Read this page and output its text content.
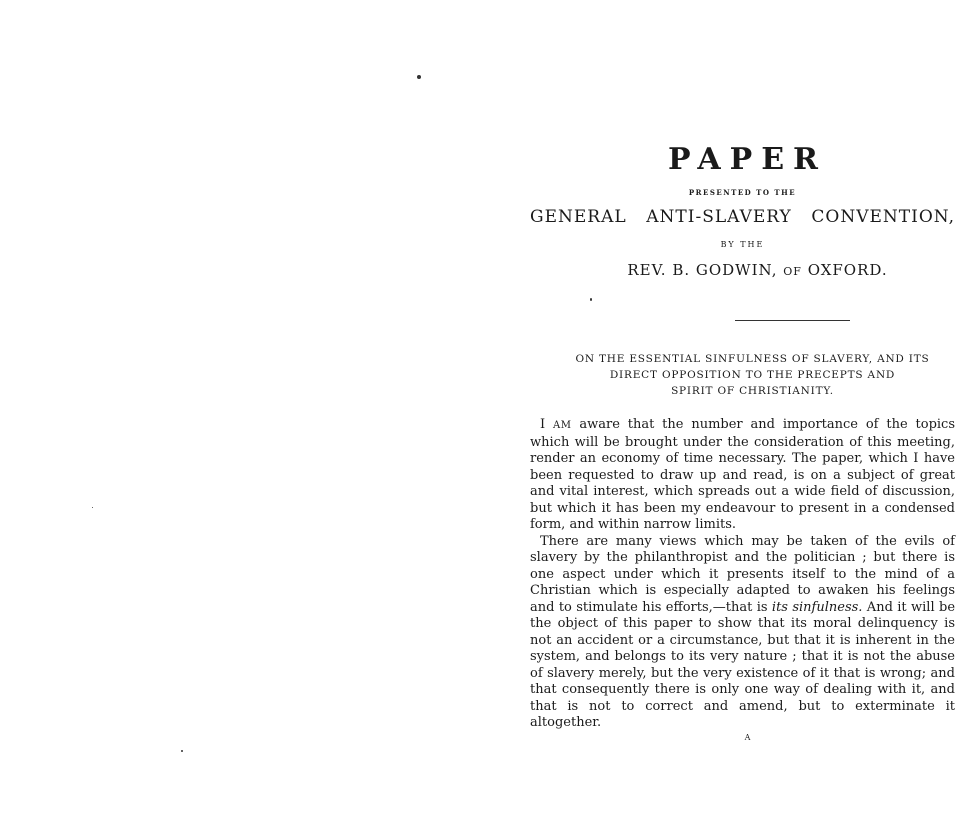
PAPER
PRESENTED TO THE
GENERAL ANTI-SLAVERY CONVENTION,
BY THE
REV. B. GODWIN, OF OXFORD.
ON THE ESSENTIAL SINFULNESS OF SLAVERY, AND ITS
DIRECT OPPOSITION TO THE PRECEPTS AND
SPIRIT OF CHRISTIANITY.

I AM aware that the number and importance of the topics which will be brought under the consideration of this meeting, render an economy of time necessary. The paper, which I have been requested to draw up and read, is on a subject of great and vital interest, which spreads out a wide field of discussion, but which it has been my endeavour to present in a condensed form, and within narrow limits.

There are many views which may be taken of the evils of slavery by the philanthropist and the politician ; but there is one aspect under which it presents itself to the mind of a Christian which is especially adapted to awaken his feelings and to stimulate his efforts,—that is its sinfulness. And it will be the object of this paper to show that its moral delinquency is not an accident or a circumstance, but that it is inherent in the system, and belongs to its very nature ; that it is not the abuse of slavery merely, but the very existence of it that is wrong; and that consequently there is only one way of dealing with it, and that is not to correct and amend, but to exterminate it altogether.

A
